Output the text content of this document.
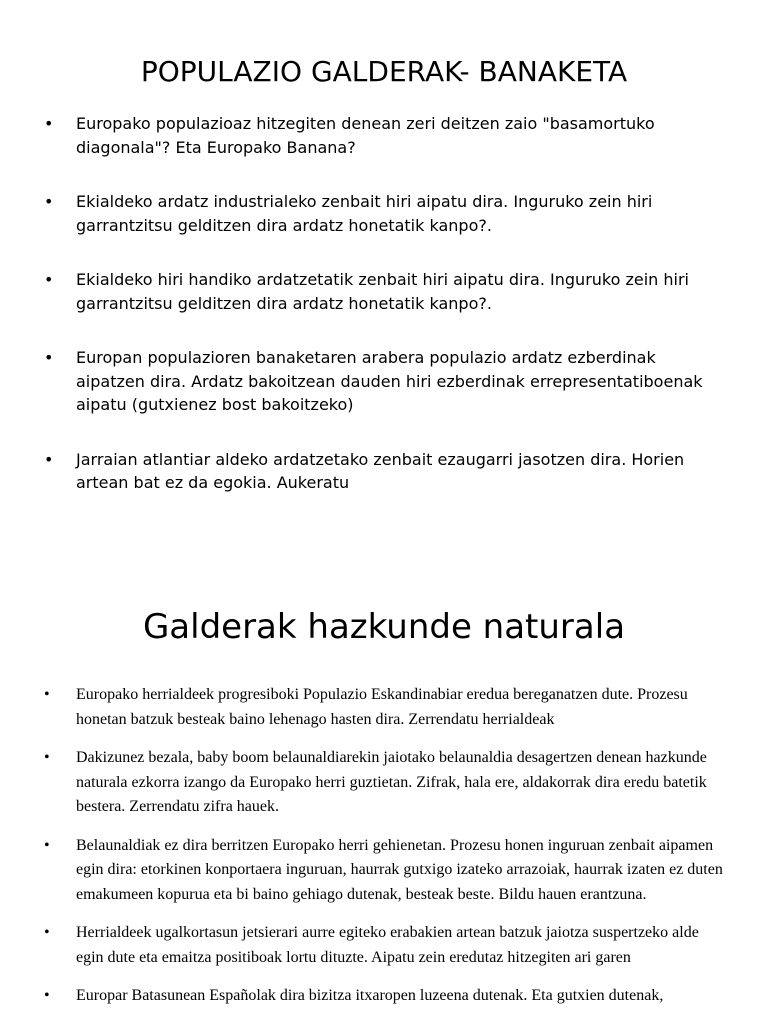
POPULAZIO GALDERAK- BANAKETA
• Europako populazioaz hitzegiten denean zeri deitzen zaio "basamortuko diagonala"? Eta Europako Banana?
• Ekialdeko ardatz industrialeko zenbait hiri aipatu dira. Inguruko zein hiri garrantzitsu gelditzen dira ardatz honetatik kanpo?.
• Ekialdeko hiri handiko ardatzetatik zenbait hiri aipatu dira. Inguruko zein hiri garrantzitsu gelditzen dira ardatz honetatik kanpo?.
• Europan populazioren banaketaren arabera populazio ardatz ezberdinak aipatzen dira. Ardatz bakoitzean dauden hiri ezberdinak errepresentatiboenak aipatu (gutxienez bost bakoitzeko)
• Jarraian atlantiar aldeko ardatzetako zenbait ezaugarri jasotzen dira. Horien artean bat ez da egokia. Aukeratu
Galderak hazkunde naturala
• Europako herrialdeek progresiboki Populazio Eskandinabiar eredua bereganatzen dute. Prozesu honetan batzuk besteak baino lehenago hasten dira. Zerrendatu herrialdeak
• Dakizunez bezala, baby boom belaunaldiarekin jaiotako belaunaldia desagertzen denean hazkunde naturala ezkorra izango da Europako herri guztietan. Zifrak, hala ere, aldakorrak dira eredu batetik bestera. Zerrendatu zifra hauek.
• Belaunaldiak ez dira berritzen Europako herri gehienetan. Prozesu honen inguruan zenbait aipamen egin dira: etorkinen konportaera inguruan, haurrak gutxigo izateko arrazoiak, haurrak izaten ez duten emakumeen kopurua eta bi baino gehiago dutenak, besteak beste. Bildu hauen erantzuna.
• Herrialdeek ugalkortasun jetsierari aurre egiteko erabakien artean batzuk jaiotza suspertzeko alde egin dute eta emaitza positiboak lortu dituzte. Aipatu zein eredutaz hitzegiten ari garen
• Europar Batasunean Españolak dira bizitza itxaropen luzeena dutenak. Eta gutxien dutenak,
